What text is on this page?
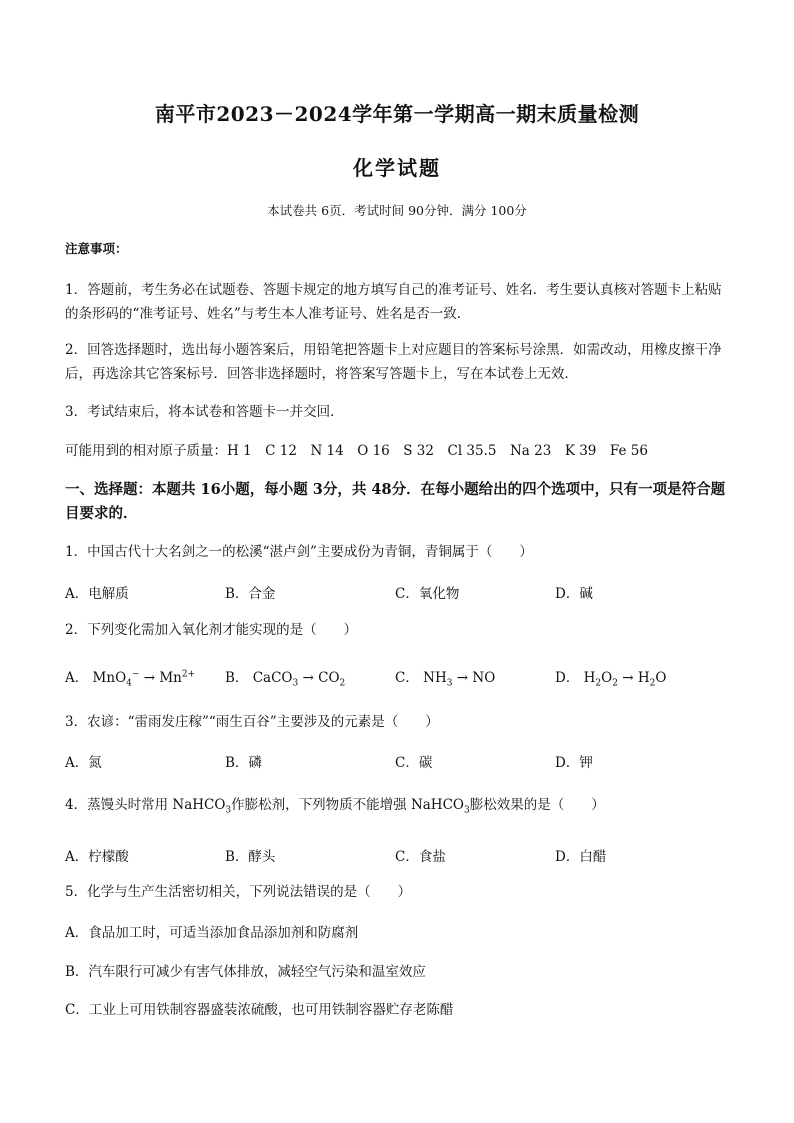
南平市2023－2024学年第一学期高一期末质量检测
化学试题
本试卷共 6页．考试时间 90分钟．满分 100分
注意事项：
1．答题前，考生务必在试题卷、答题卡规定的地方填写自己的准考证号、姓名．考生要认真核对答题卡上粘贴的条形码的“准考证号、姓名”与考生本人准考证号、姓名是否一致．
2．回答选择题时，选出每小题答案后，用铅笔把答题卡上对应题目的答案标号涂黑．如需改动，用橡皮擦干净后，再选涂其它答案标号．回答非选择题时，将答案写答题卡上，写在本试卷上无效．
3．考试结束后，将本试卷和答题卡一并交回．
可能用到的相对原子质量：H 1　C 12　N 14　O 16　S 32　Cl 35.5　Na 23　K 39　Fe 56
一、选择题：本题共 16小题，每小题 3分，共 48分．在每小题给出的四个选项中，只有一项是符合题目要求的．
1．中国古代十大名剑之一的松溪“湛卢剑”主要成份为青铜，青铜属于（　　）
A．电解质	B．合金	C．氧化物	D．碱
2．下列变化需加入氧化剂才能实现的是（　　）
A． $MnO_4^- \to Mn^{2+}$ B． CaCO$_3$ → $CO_2$	C． $NH_3$ → NO	D． $H_2O_2 \to H_2O$
3．农谚：“雷雨发庄稼”“雨生百谷”主要涉及的元素是（　　）
A．氮	B．磷	C．碳	D．钾
4．蒸馒头时常用 NaHCO$_3$作膨松剂，下列物质不能增强 NaHCO$_3$膨松效果的是（　　）
A．柠檬酸	B．酵头	C．食盐	D．白醋
5．化学与生产生活密切相关，下列说法错误的是（　　）
A．食品加工时，可适当添加食品添加剂和防腐剂
B．汽车限行可减少有害气体排放，减轻空气污染和温室效应
C．工业上可用铁制容器盛装浓硫酸，也可用铁制容器贮存老陈醋
